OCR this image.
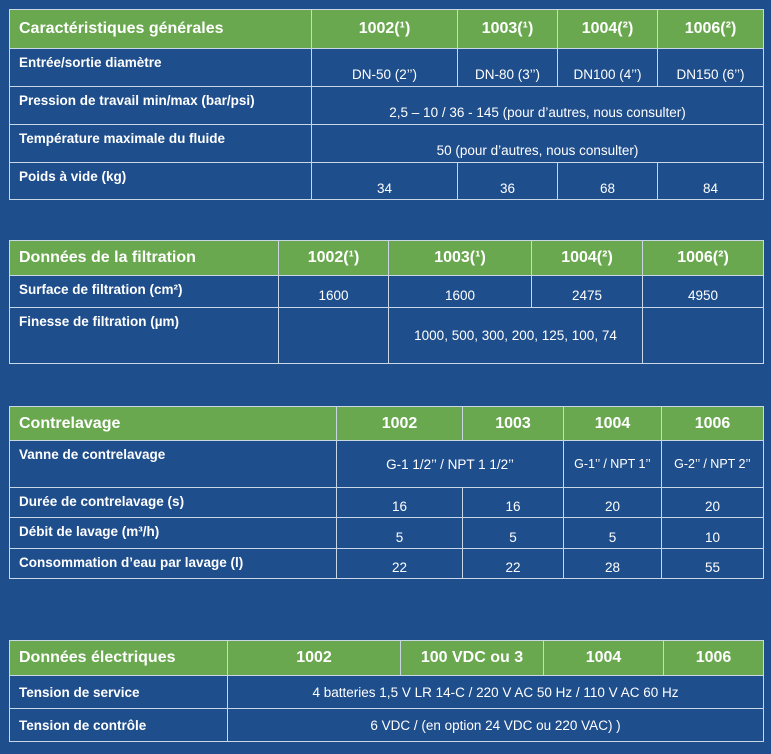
Caractéristiques générales	1002(¹)	1003(¹)	1004(²)	1006(²)
Entrée/sortie diamètre	DN-50 (2’’)	DN-80 (3’’)	DN100 (4’’)	DN150 (6’’)
Pression de travail min/max (bar/psi)	2,5 – 10 / 36 - 145 (pour d’autres, nous consulter)			
Température maximale du fluide	50 (pour d’autres, nous consulter)			
Poids à vide (kg)	34	36	68	84
Données de la filtration	1002(¹)	1003(¹)	1004(²)	1006(²)
Surface de filtration (cm²)	1600	1600	2475	4950
Finesse de filtration (µm)		1000, 500, 300, 200, 125, 100, 74		
Contrelavage	1002	1003	1004	1006
Vanne de contrelavage	G-1 1/2’’ / NPT 1 1/2’’		G-1’’ / NPT 1’’	G-2’’ / NPT 2’’
Durée de contrelavage (s)	16	16	20	20
Débit de lavage (m³/h)	5	5	5	10
Consommation d’eau par lavage (l)	22	22	28	55
Données électriques	1002	100 VDC ou 3	1004	1006
Tension de service	4 batteries 1,5 V LR 14-C / 220 V AC 50 Hz / 110 V AC 60 Hz			
Tension de contrôle	6 VDC / (en option 24 VDC ou 220 VAC) )			
